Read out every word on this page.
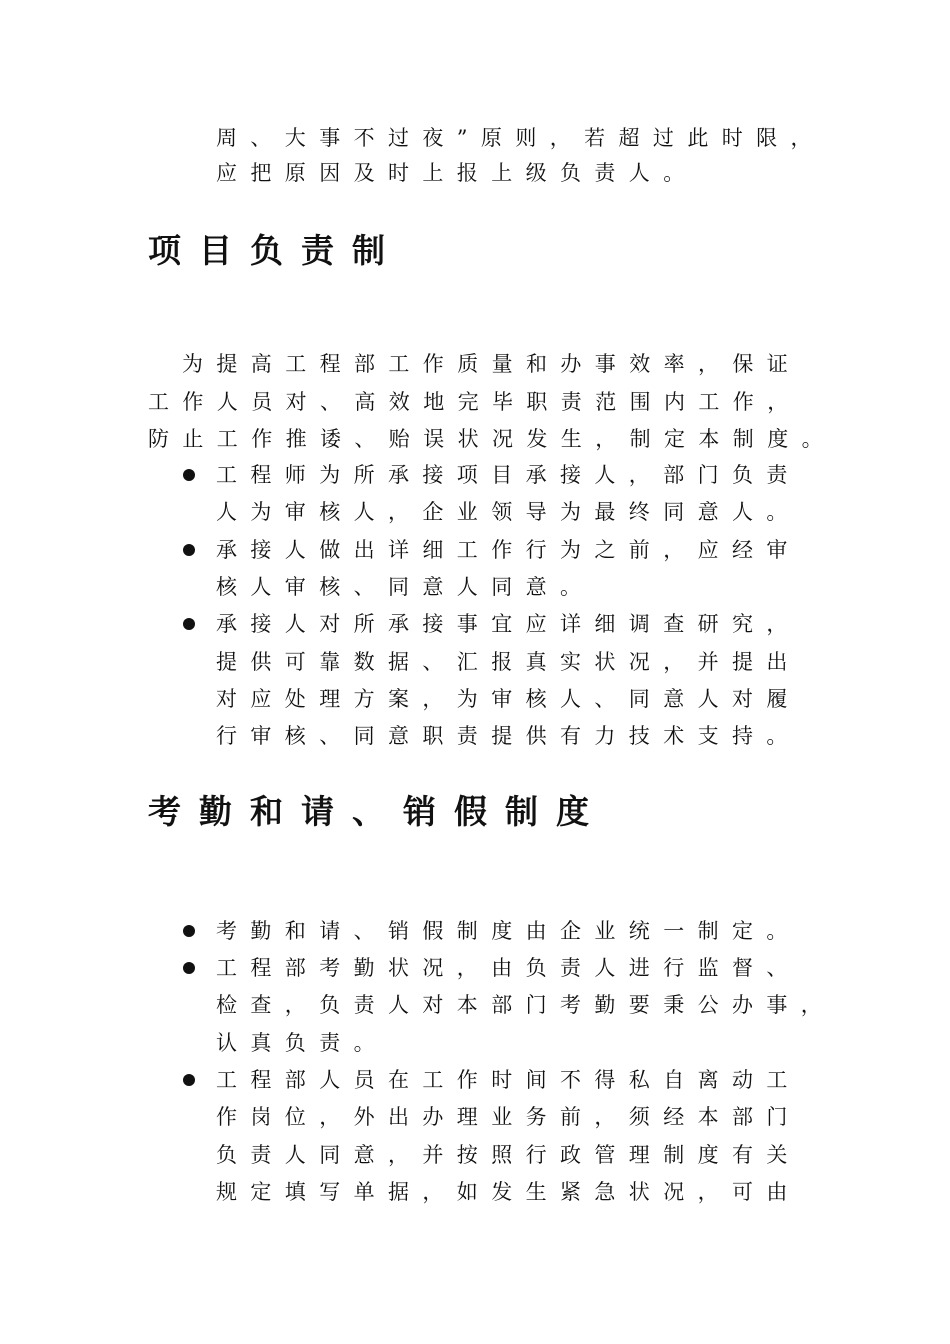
周、大事不过夜”原则，若超过此时限，
应把原因及时上报上级负责人。
项目负责制
为提高工程部工作质量和办事效率，保证
工作人员对、高效地完毕职责范围内工作，
防止工作推诿、贻误状况发生，制定本制度。
工程师为所承接项目承接人，部门负责
人为审核人，企业领导为最终同意人。
承接人做出详细工作行为之前，应经审
核人审核、同意人同意。
承接人对所承接事宜应详细调查研究，
提供可靠数据、汇报真实状况，并提出
对应处理方案，为审核人、同意人对履
行审核、同意职责提供有力技术支持。
考勤和请、销假制度
考勤和请、销假制度由企业统一制定。
工程部考勤状况，由负责人进行监督、
检查，负责人对本部门考勤要秉公办事，
认真负责。
工程部人员在工作时间不得私自离动工
作岗位，外出办理业务前，须经本部门
负责人同意，并按照行政管理制度有关
规定填写单据，如发生紧急状况，可由
